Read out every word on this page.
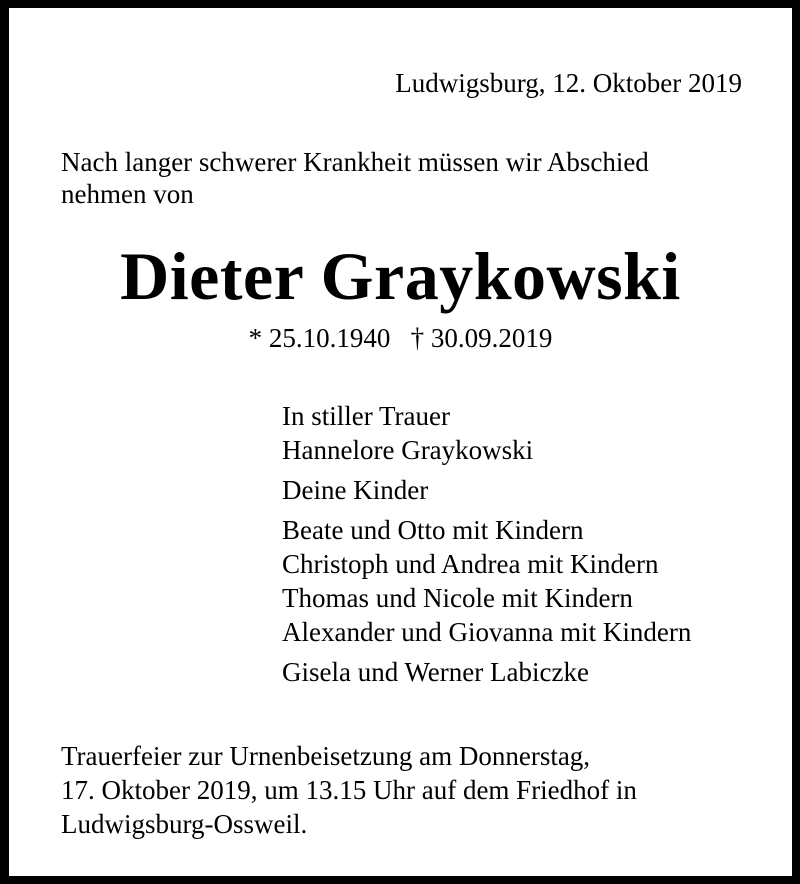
Ludwigsburg, 12. Oktober 2019
Nach langer schwerer Krankheit müssen wir Abschied
nehmen von
Dieter Graykowski
* 25.10.1940 † 30.09.2019
In stiller Trauer
Hannelore Graykowski
Deine Kinder
Beate und Otto mit Kindern
Christoph und Andrea mit Kindern
Thomas und Nicole mit Kindern
Alexander und Giovanna mit Kindern
Gisela und Werner Labiczke
Trauerfeier zur Urnenbeisetzung am Donnerstag,
17. Oktober 2019, um 13.15 Uhr auf dem Friedhof in
Ludwigsburg-Ossweil.
